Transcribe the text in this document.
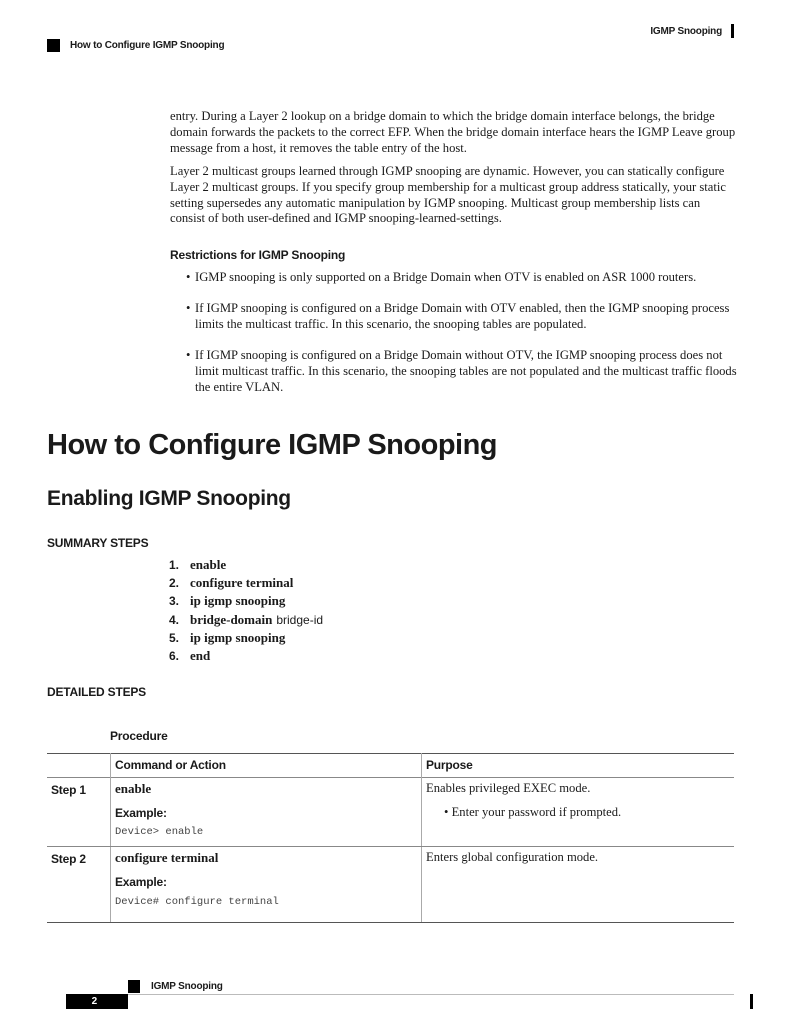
IGMP Snooping
How to Configure IGMP Snooping

entry. During a Layer 2 lookup on a bridge domain to which the bridge domain interface belongs, the bridge domain forwards the packets to the correct EFP. When the bridge domain interface hears the IGMP Leave group message from a host, it removes the table entry of the host.

Layer 2 multicast groups learned through IGMP snooping are dynamic. However, you can statically configure Layer 2 multicast groups. If you specify group membership for a multicast group address statically, your static setting supersedes any automatic manipulation by IGMP snooping. Multicast group membership lists can consist of both user-defined and IGMP snooping-learned-settings.

Restrictions for IGMP Snooping
• IGMP snooping is only supported on a Bridge Domain when OTV is enabled on ASR 1000 routers.
• If IGMP snooping is configured on a Bridge Domain with OTV enabled, then the IGMP snooping process limits the multicast traffic. In this scenario, the snooping tables are populated.
• If IGMP snooping is configured on a Bridge Domain without OTV, the IGMP snooping process does not limit multicast traffic. In this scenario, the snooping tables are not populated and the multicast traffic floods the entire VLAN.
How to Configure IGMP Snooping
Enabling IGMP Snooping
SUMMARY STEPS
1. enable
2. configure terminal
3. ip igmp snooping
4. bridge-domain bridge-id
5. ip igmp snooping
6. end
DETAILED STEPS
Procedure
Command or Action	Purpose
Step 1 enable
Example:
Device> enable
Enables privileged EXEC mode.
• Enter your password if prompted.
Step 2 configure terminal
Example:
Device# configure terminal
Enters global configuration mode.
IGMP Snooping
2
